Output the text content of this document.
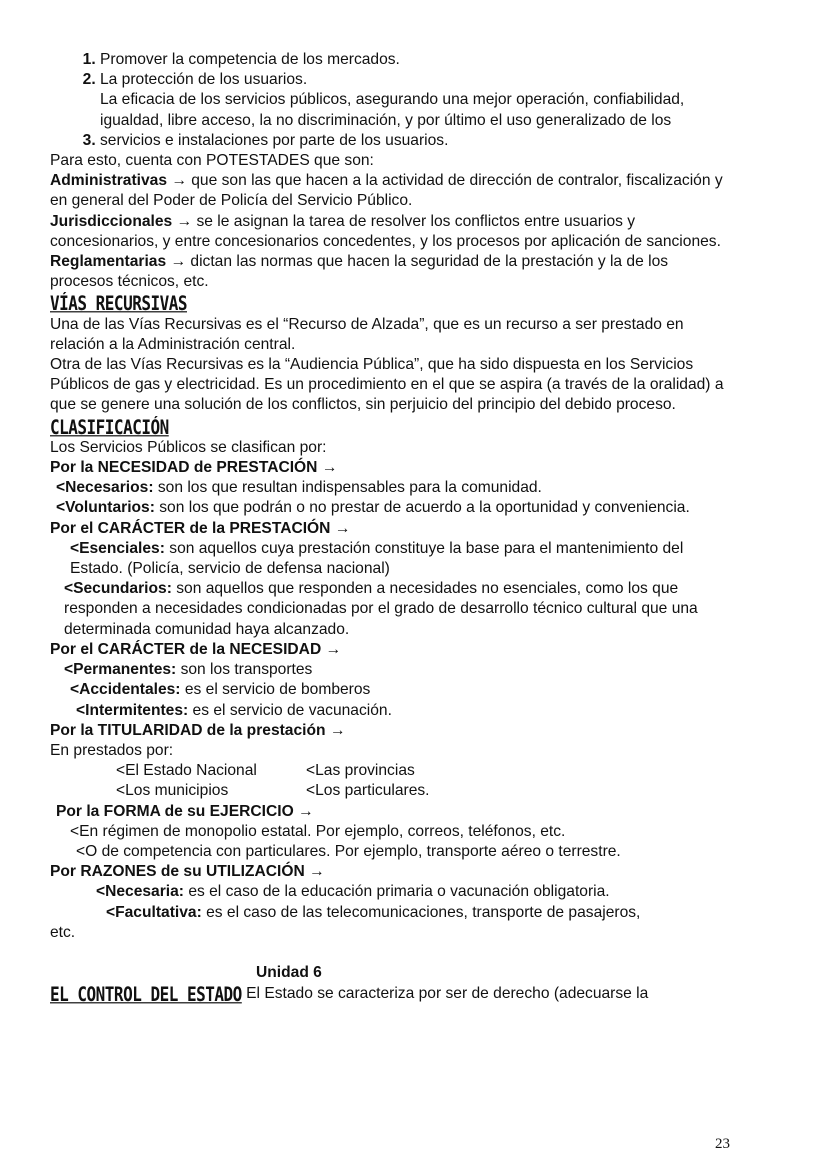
1. Promover la competencia de los mercados.
2. La protección de los usuarios.
3. La eficacia de los servicios públicos, asegurando una mejor operación, confiabilidad, igualdad, libre acceso, la no discriminación, y por último el uso generalizado de los servicios e instalaciones por parte de los usuarios.
Para esto, cuenta con POTESTADES que son:
Administrativas → que son las que hacen a la actividad de dirección de contralor, fiscalización y en general del Poder de Policía del Servicio Público.
Jurisdiccionales → se le asignan la tarea de resolver los conflictos entre usuarios y concesionarios, y entre concesionarios concedentes, y los procesos por aplicación de sanciones.
Reglamentarias → dictan las normas que hacen la seguridad de la prestación y la de los procesos técnicos, etc.
VÍAS RECURSIVAS
Una de las Vías Recursivas es el “Recurso de Alzada”, que es un recurso a ser prestado en relación a la Administración central.
Otra de las Vías Recursivas es la “Audiencia Pública”, que ha sido dispuesta en los Servicios Públicos de gas y electricidad. Es un procedimiento en el que se aspira (a través de la oralidad) a que se genere una solución de los conflictos, sin perjuicio del principio del debido proceso.
CLASIFICACIÓN
Los Servicios Públicos se clasifican por:
Por la NECESIDAD de PRESTACIÓN →
<Necesarios: son los que resultan indispensables para la comunidad.
<Voluntarios: son los que podrán o no prestar de acuerdo a la oportunidad y conveniencia.
Por el CARÁCTER de la PRESTACIÓN →
<Esenciales: son aquellos cuya prestación constituye la base para el mantenimiento del Estado. (Policía, servicio de defensa nacional)
<Secundarios: son aquellos que responden a necesidades no esenciales, como los que responden a necesidades condicionadas por el grado de desarrollo técnico cultural que una determinada comunidad haya alcanzado.
Por el CARÁCTER de la NECESIDAD →
<Permanentes: son los transportes
<Accidentales: es el servicio de bomberos
<Intermitentes: es el servicio de vacunación.
Por la TITULARIDAD de la prestación →
En prestados por:
<El Estado Nacional	<Las provincias
<Los municipios	<Los particulares.
Por la FORMA de su EJERCICIO →
<En régimen de monopolio estatal. Por ejemplo, correos, teléfonos, etc.
<O de competencia con particulares. Por ejemplo, transporte aéreo o terrestre.
Por RAZONES de su UTILIZACIÓN →
<Necesaria: es el caso de la educación primaria o vacunación obligatoria.
<Facultativa: es el caso de las telecomunicaciones, transporte de pasajeros,
etc.
Unidad 6
EL CONTROL DEL ESTADO El Estado se caracteriza por ser de derecho (adecuarse la
23
